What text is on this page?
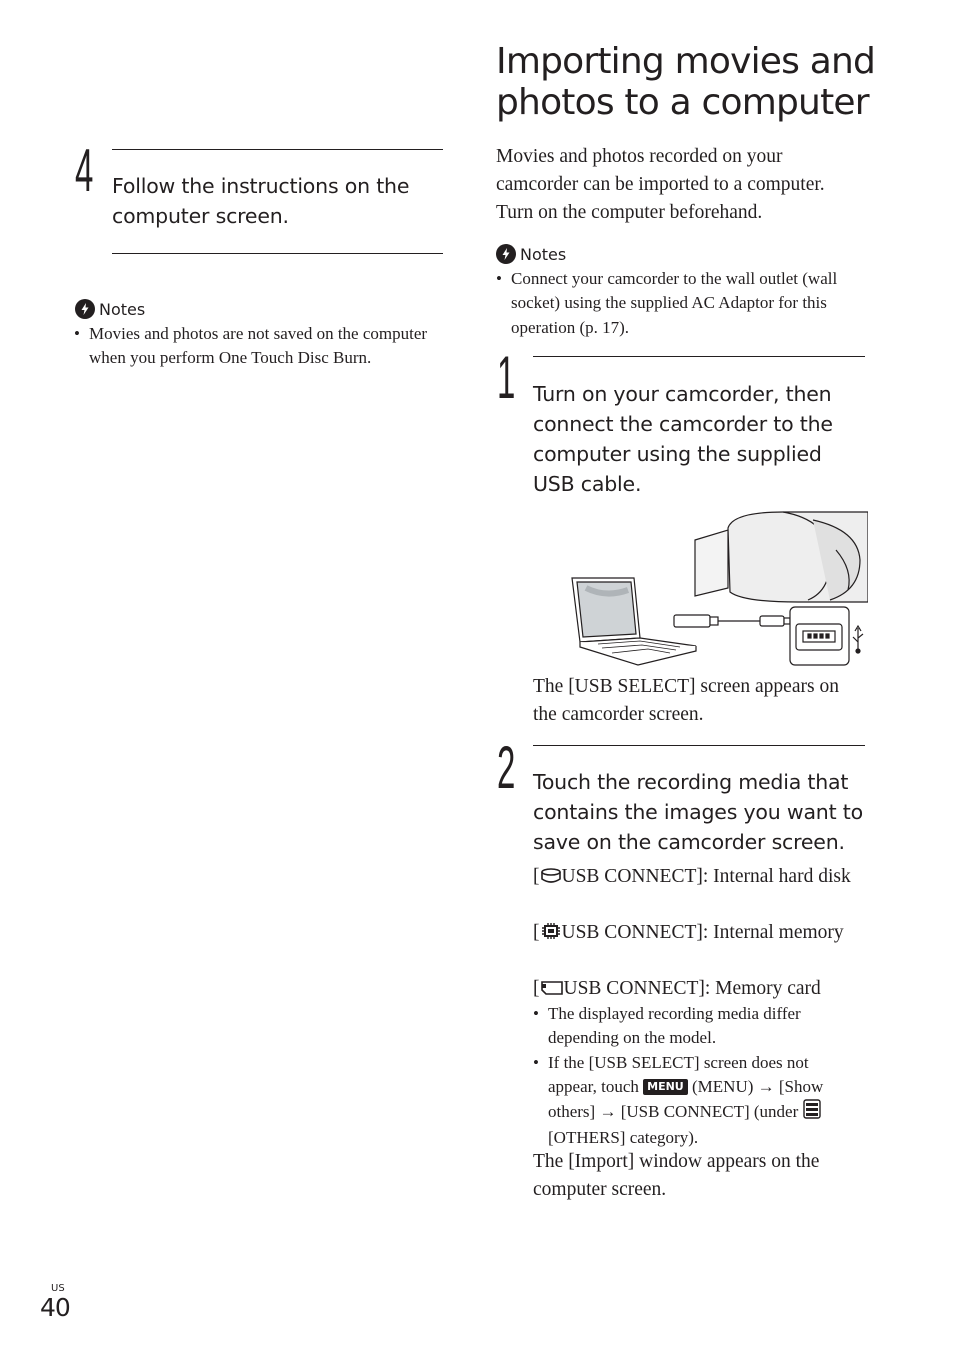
4 Follow the instructions on the computer screen.
Notes
• Movies and photos are not saved on the computer when you perform One Touch Disc Burn.
Importing movies and photos to a computer
Movies and photos recorded on your camcorder can be imported to a computer. Turn on the computer beforehand.
Notes
• Connect your camcorder to the wall outlet (wall socket) using the supplied AC Adaptor for this operation (p. 17).
1 Turn on your camcorder, then connect the camcorder to the computer using the supplied USB cable.
The [USB SELECT] screen appears on the camcorder screen.
2 Touch the recording media that contains the images you want to save on the camcorder screen.
[ USB CONNECT]: Internal hard disk
[ USB CONNECT]: Internal memory
[ USB CONNECT]: Memory card
• The displayed recording media differ depending on the model.
• If the [USB SELECT] screen does not appear, touch MENU (MENU) → [Show others] → [USB CONNECT] (under  [OTHERS] category).
The [Import] window appears on the computer screen.
US
40
